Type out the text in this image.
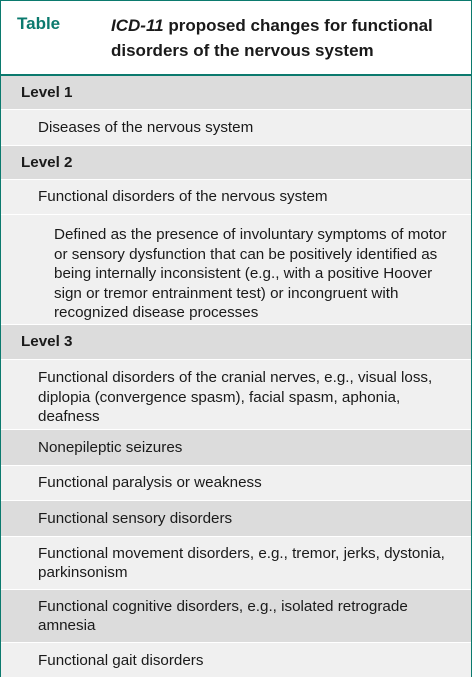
Table	ICD-11 proposed changes for functional disorders of the nervous system
Level 1
Diseases of the nervous system
Level 2
Functional disorders of the nervous system
Defined as the presence of involuntary symptoms of motor or sensory dysfunction that can be positively identified as being internally inconsistent (e.g., with a positive Hoover sign or tremor entrainment test) or incongruent with recognized disease processes
Level 3
Functional disorders of the cranial nerves, e.g., visual loss, diplopia (convergence spasm), facial spasm, aphonia, deafness
Nonepileptic seizures
Functional paralysis or weakness
Functional sensory disorders
Functional movement disorders, e.g., tremor, jerks, dystonia, parkinsonism
Functional cognitive disorders, e.g., isolated retrograde amnesia
Functional gait disorders
